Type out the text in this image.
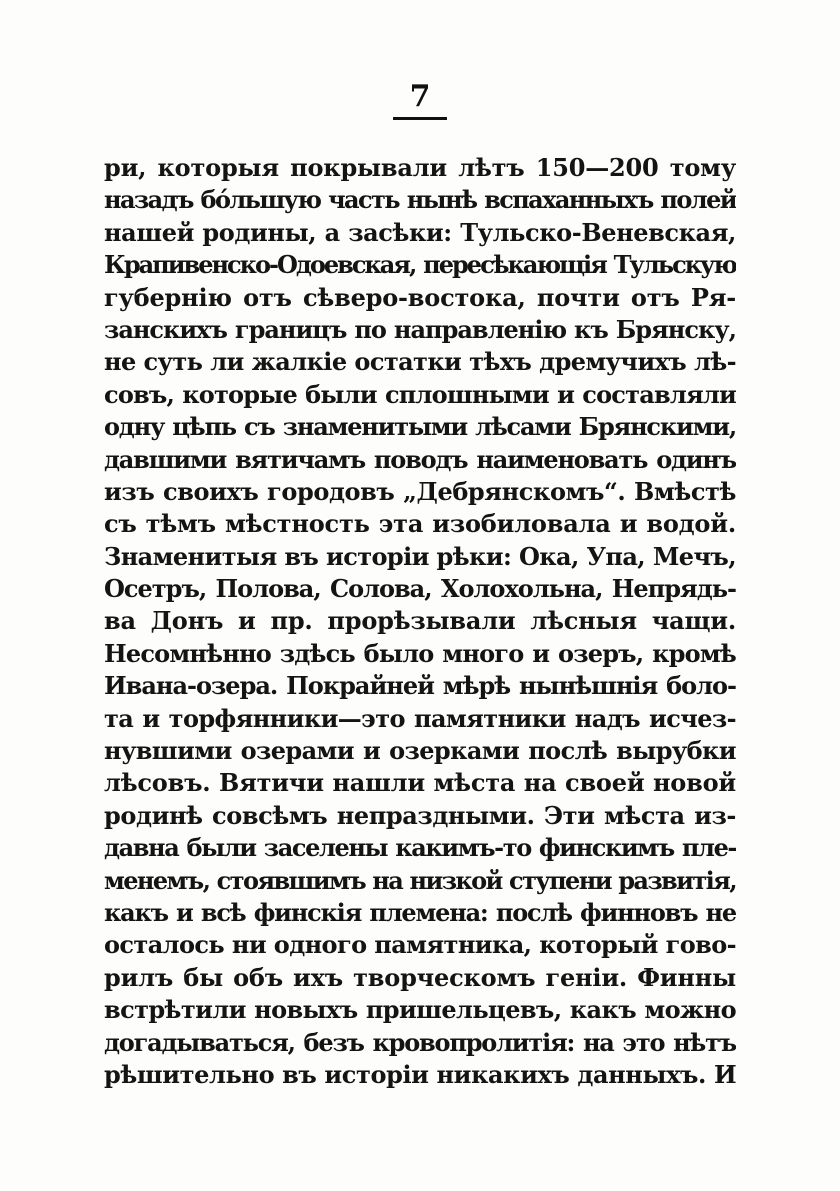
7
ри, которыя покрывали лѣтъ 150—200 тому
назадъ бóльшую часть нынѣ вспаханныхъ полей
нашей родины, а засѣки: Тульско-Веневская,
Крапивенско-Одоевская, пересѣкающія Тульскую
губернію отъ сѣверо-востока, почти отъ Ря-
занскихъ границъ по направленію къ Брянску,
не суть ли жалкіе остатки тѣхъ дремучихъ лѣ-
совъ, которые были сплошными и составляли
одну цѣпь съ знаменитыми лѣсами Брянскими,
давшими вятичамъ поводъ наименовать одинъ
изъ своихъ городовъ „Дебрянскомъ“. Вмѣстѣ
съ тѣмъ мѣстность эта изобиловала и водой.
Знаменитыя въ исторіи рѣки: Ока, Упа, Мечъ,
Осетръ, Полова, Солова, Холохольна, Непрядь-
ва Донъ и пр. прорѣзывали лѣсныя чащи.
Несомнѣнно здѣсь было много и озеръ, кромѣ
Ивана-озера. Покрайней мѣрѣ нынѣшнія боло-
та и торфянники—это памятники надъ исчез-
нувшими озерами и озерками послѣ вырубки
лѣсовъ. Вятичи нашли мѣста на своей новой
родинѣ совсѣмъ непраздными. Эти мѣста из-
давна были заселены какимъ-то финскимъ пле-
менемъ, стоявшимъ на низкой ступени развитія,
какъ и всѣ финскія племена: послѣ финновъ не
осталось ни одного памятника, который гово-
рилъ бы объ ихъ творческомъ геніи. Финны
встрѣтили новыхъ пришельцевъ, какъ можно
догадываться, безъ кровопролитія: на это нѣтъ
рѣшительно въ исторіи никакихъ данныхъ. И
